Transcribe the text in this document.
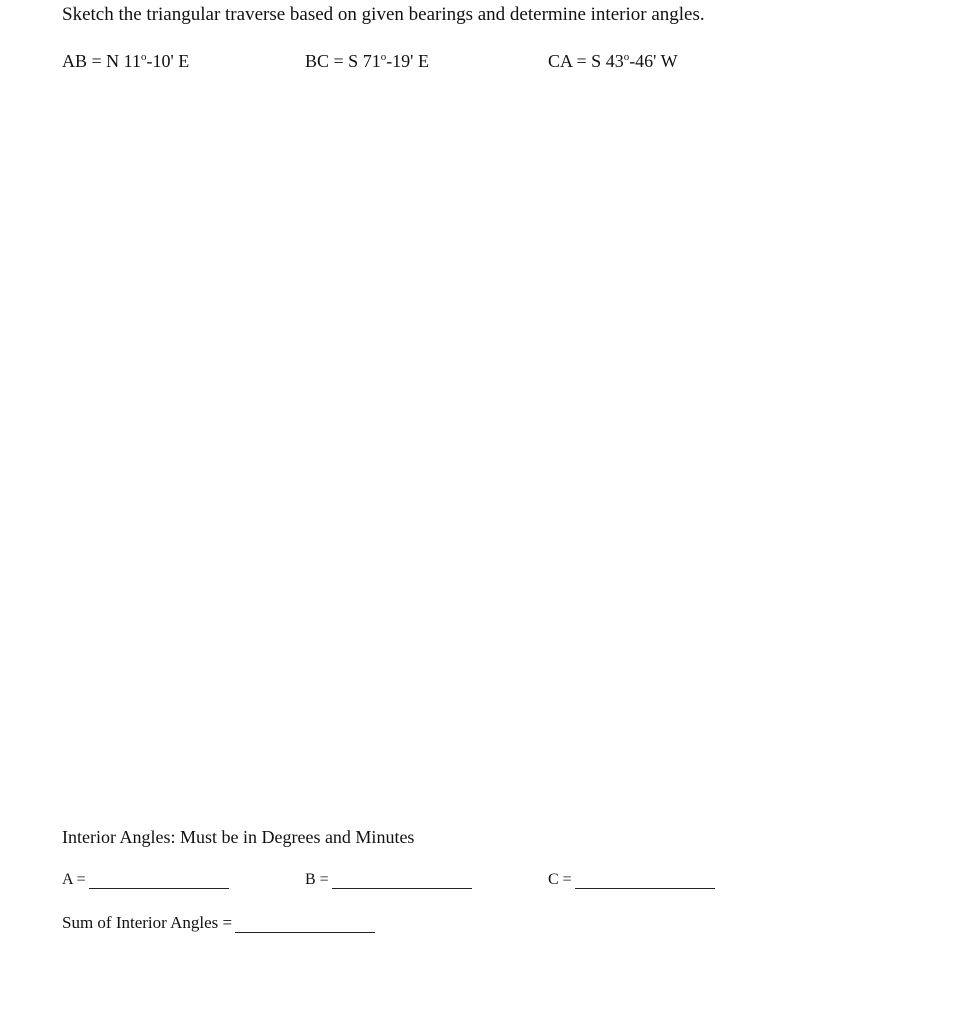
Sketch the triangular traverse based on given bearings and determine interior angles.
AB = N 11$^o$-10' E	BC = S 71$^o$-19' E	CA = S 43$^o$-46' W
Interior Angles: Must be in Degrees and Minutes
A =	B =	C =
Sum of Interior Angles =
